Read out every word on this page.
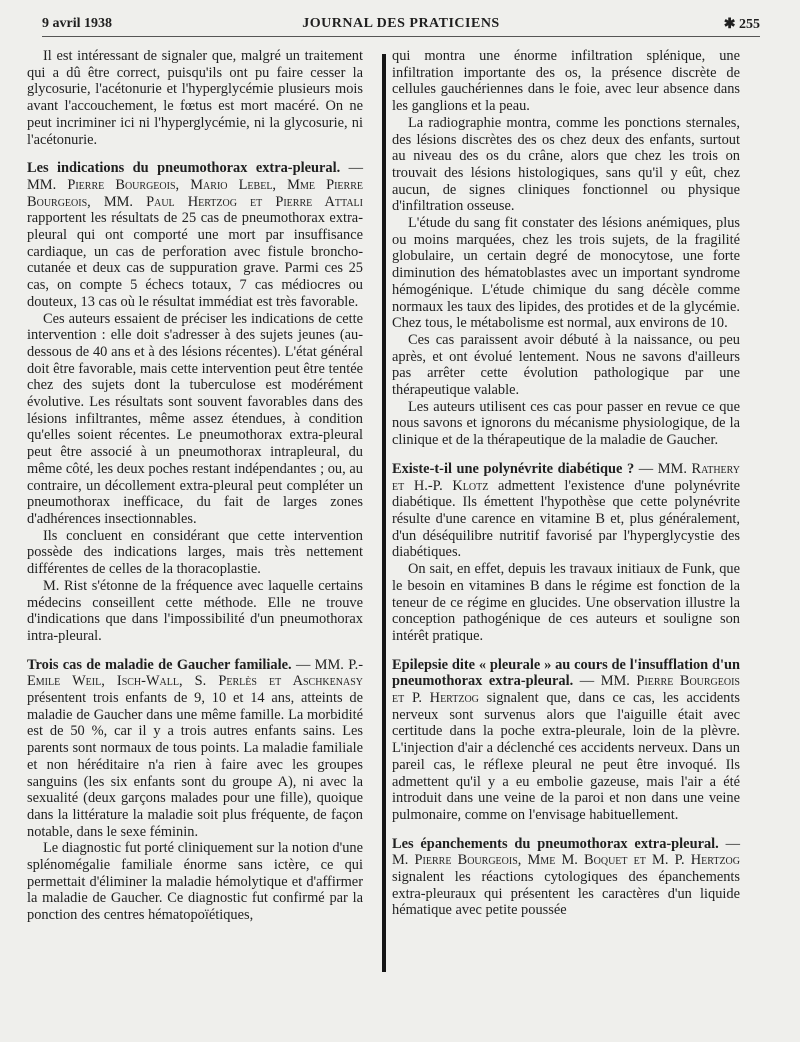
9 avril 1938	JOURNAL DES PRATICIENS	✱ 255

Il est intéressant de signaler que, malgré un traitement qui a dû être correct, puisqu'ils ont pu faire cesser la glycosurie, l'acétonurie et l'hyperglycémie plusieurs mois avant l'accouchement, le fœtus est mort macéré. On ne peut incriminer ici ni l'hyperglycémie, ni la glycosurie, ni l'acétonurie.

Les indications du pneumothorax extra-pleural. — MM. Pierre Bourgeois, Mario Lebel, Mme Pierre Bourgeois, MM. Paul Hertzog et Pierre Attali rapportent les résultats de 25 cas de pneumothorax extra-pleural qui ont comporté une mort par insuffisance cardiaque, un cas de perforation avec fistule broncho-cutanée et deux cas de suppuration grave. Parmi ces 25 cas, on compte 5 échecs totaux, 7 cas médiocres ou douteux, 13 cas où le résultat immédiat est très favorable.

Ces auteurs essaient de préciser les indications de cette intervention : elle doit s'adresser à des sujets jeunes (au-dessous de 40 ans et à des lésions récentes). L'état général doit être favorable, mais cette intervention peut être tentée chez des sujets dont la tuberculose est modérément évolutive. Les résultats sont souvent favorables dans des lésions infiltrantes, même assez étendues, à condition qu'elles soient récentes. Le pneumothorax extra-pleural peut être associé à un pneumothorax intrapleural, du même côté, les deux poches restant indépendantes ; ou, au contraire, un décollement extra-pleural peut compléter un pneumothorax inefficace, du fait de larges zones d'adhérences insectionnables.

Ils concluent en considérant que cette intervention possède des indications larges, mais très nettement différentes de celles de la thoracoplastie.

M. Rist s'étonne de la fréquence avec laquelle certains médecins conseillent cette méthode. Elle ne trouve d'indications que dans l'impossibilité d'un pneumothorax intra-pleural.

Trois cas de maladie de Gaucher familiale. — MM. P.-Emile Weil, Isch-Wall, S. Perlès et Aschkenasy présentent trois enfants de 9, 10 et 14 ans, atteints de maladie de Gaucher dans une même famille. La morbidité est de 50 %, car il y a trois autres enfants sains. Les parents sont normaux de tous points. La maladie familiale et non héréditaire n'a rien à faire avec les groupes sanguins (les six enfants sont du groupe A), ni avec la sexualité (deux garçons malades pour une fille), quoique dans la littérature la maladie soit plus fréquente, de façon notable, dans le sexe féminin.

Le diagnostic fut porté cliniquement sur la notion d'une splénomégalie familiale énorme sans ictère, ce qui permettait d'éliminer la maladie hémolytique et d'affirmer la maladie de Gaucher. Ce diagnostic fut confirmé par la ponction des centres hématopoïétiques,

qui montra une énorme infiltration splénique, une infiltration importante des os, la présence discrète de cellules gauchériennes dans le foie, avec leur absence dans les ganglions et la peau.

La radiographie montra, comme les ponctions sternales, des lésions discrètes des os chez deux des enfants, surtout au niveau des os du crâne, alors que chez les trois on trouvait des lésions histologiques, sans qu'il y eût, chez aucun, de signes cliniques fonctionnel ou physique d'infiltration osseuse.

L'étude du sang fit constater des lésions anémiques, plus ou moins marquées, chez les trois sujets, de la fragilité globulaire, un certain degré de monocytose, une forte diminution des hématoblastes avec un important syndrome hémogénique. L'étude chimique du sang décèle comme normaux les taux des lipides, des protides et de la glycémie. Chez tous, le métabolisme est normal, aux environs de 10.

Ces cas paraissent avoir débuté à la naissance, ou peu après, et ont évolué lentement. Nous ne savons d'ailleurs pas arrêter cette évolution pathologique par une thérapeutique valable.

Les auteurs utilisent ces cas pour passer en revue ce que nous savons et ignorons du mécanisme physiologique, de la clinique et de la thérapeutique de la maladie de Gaucher.

Existe-t-il une polynévrite diabétique ? — MM. Rathery et H.-P. Klotz admettent l'existence d'une polynévrite diabétique. Ils émettent l'hypothèse que cette polynévrite résulte d'une carence en vitamine B et, plus généralement, d'un déséquilibre nutritif favorisé par l'hyperglycystie des diabétiques.

On sait, en effet, depuis les travaux initiaux de Funk, que le besoin en vitamines B dans le régime est fonction de la teneur de ce régime en glucides. Une observation illustre la conception pathogénique de ces auteurs et souligne son intérêt pratique.

Epilepsie dite « pleurale » au cours de l'insufflation d'un pneumothorax extra-pleural. — MM. Pierre Bourgeois et P. Hertzog signalent que, dans ce cas, les accidents nerveux sont survenus alors que l'aiguille était avec certitude dans la poche extra-pleurale, loin de la plèvre. L'injection d'air a déclenché ces accidents nerveux. Dans un pareil cas, le réflexe pleural ne peut être invoqué. Ils admettent qu'il y a eu embolie gazeuse, mais l'air a été introduit dans une veine de la paroi et non dans une veine pulmonaire, comme on l'envisage habituellement.

Les épanchements du pneumothorax extra-pleural. — M. Pierre Bourgeois, Mme M. Boquet et M. P. Hertzog signalent les réactions cytologiques des épanchements extra-pleuraux qui présentent les caractères d'un liquide hématique avec petite poussée
